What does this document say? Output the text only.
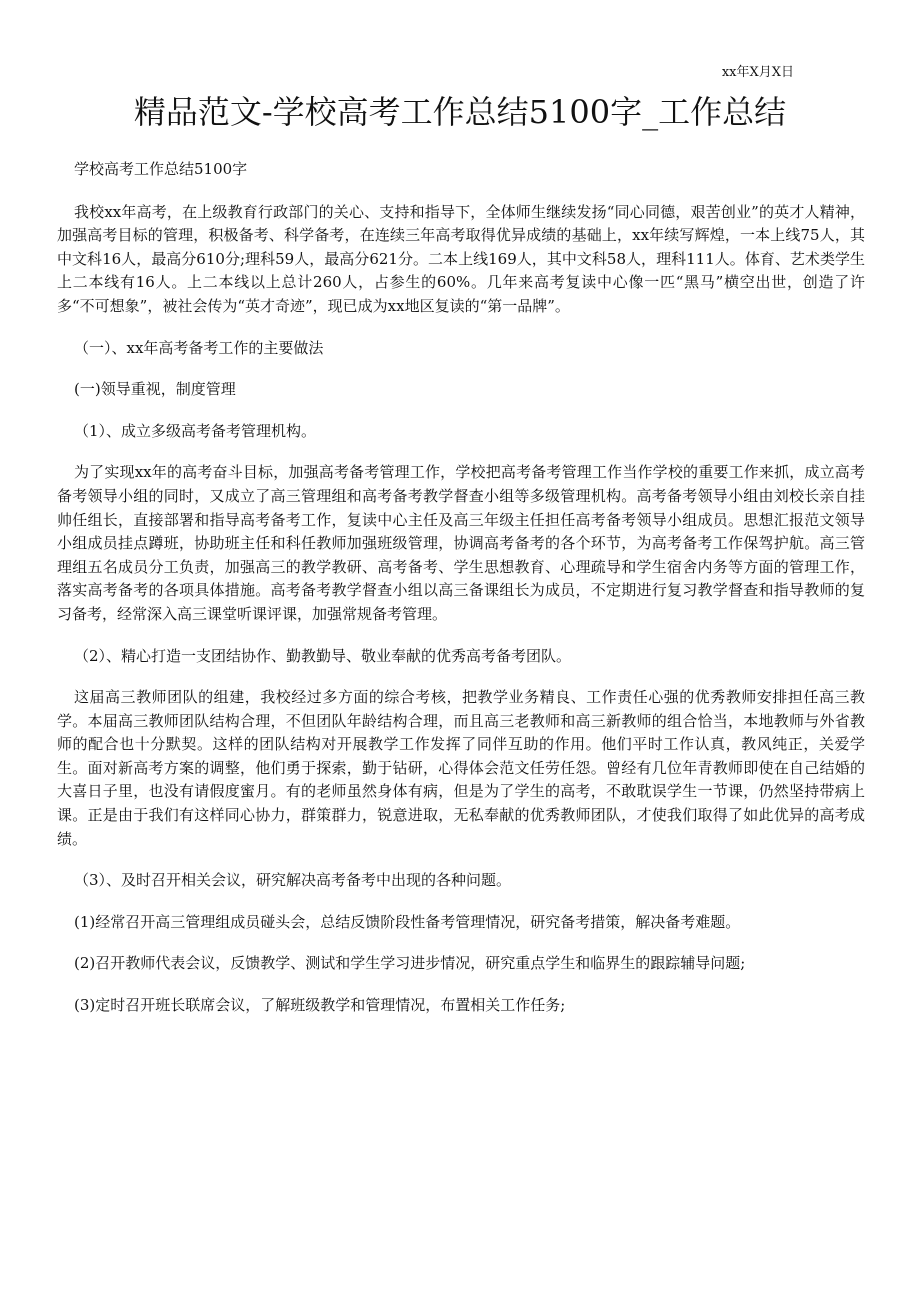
xx年X月X日
精品范文-学校高考工作总结5100字_工作总结

学校高考工作总结5100字

我校xx年高考，在上级教育行政部门的关心、支持和指导下，全体师生继续发扬“同心同德，艰苦创业”的英才人精神，加强高考目标的管理，积极备考、科学备考，在连续三年高考取得优异成绩的基础上，xx年续写辉煌，一本上线75人，其中文科16人，最高分610分;理科59人，最高分621分。二本上线169人，其中文科58人，理科111人。体育、艺术类学生上二本线有16人。上二本线以上总计260人，占参生的60%。几年来高考复读中心像一匹“黑马”横空出世，创造了许多“不可想象”，被社会传为“英才奇迹”，现已成为xx地区复读的“第一品牌”。

（一）、xx年高考备考工作的主要做法

(一)领导重视，制度管理

（1）、成立多级高考备考管理机构。

为了实现xx年的高考奋斗目标，加强高考备考管理工作，学校把高考备考管理工作当作学校的重要工作来抓，成立高考备考领导小组的同时，又成立了高三管理组和高考备考教学督查小组等多级管理机构。高考备考领导小组由刘校长亲自挂帅任组长，直接部署和指导高考备考工作，复读中心主任及高三年级主任担任高考备考领导小组成员。思想汇报范文领导小组成员挂点蹲班，协助班主任和科任教师加强班级管理，协调高考备考的各个环节，为高考备考工作保驾护航。高三管理组五名成员分工负责，加强高三的教学教研、高考备考、学生思想教育、心理疏导和学生宿舍内务等方面的管理工作，落实高考备考的各项具体措施。高考备考教学督查小组以高三备课组长为成员，不定期进行复习教学督查和指导教师的复习备考，经常深入高三课堂听课评课，加强常规备考管理。

（2）、精心打造一支团结协作、勤教勤导、敬业奉献的优秀高考备考团队。

这届高三教师团队的组建，我校经过多方面的综合考核，把教学业务精良、工作责任心强的优秀教师安排担任高三教学。本届高三教师团队结构合理，不但团队年龄结构合理，而且高三老教师和高三新教师的组合恰当，本地教师与外省教师的配合也十分默契。这样的团队结构对开展教学工作发挥了同伴互助的作用。他们平时工作认真，教风纯正，关爱学生。面对新高考方案的调整，他们勇于探索，勤于钻研，心得体会范文任劳任怨。曾经有几位年青教师即使在自己结婚的大喜日子里，也没有请假度蜜月。有的老师虽然身体有病，但是为了学生的高考，不敢耽误学生一节课，仍然坚持带病上课。正是由于我们有这样同心协力，群策群力，锐意进取，无私奉献的优秀教师团队，才使我们取得了如此优异的高考成绩。

（3）、及时召开相关会议，研究解决高考备考中出现的各种问题。

(1)经常召开高三管理组成员碰头会，总结反馈阶段性备考管理情况，研究备考措策，解决备考难题。

(2)召开教师代表会议，反馈教学、测试和学生学习进步情况，研究重点学生和临界生的跟踪辅导问题;

(3)定时召开班长联席会议，了解班级教学和管理情况，布置相关工作任务;
